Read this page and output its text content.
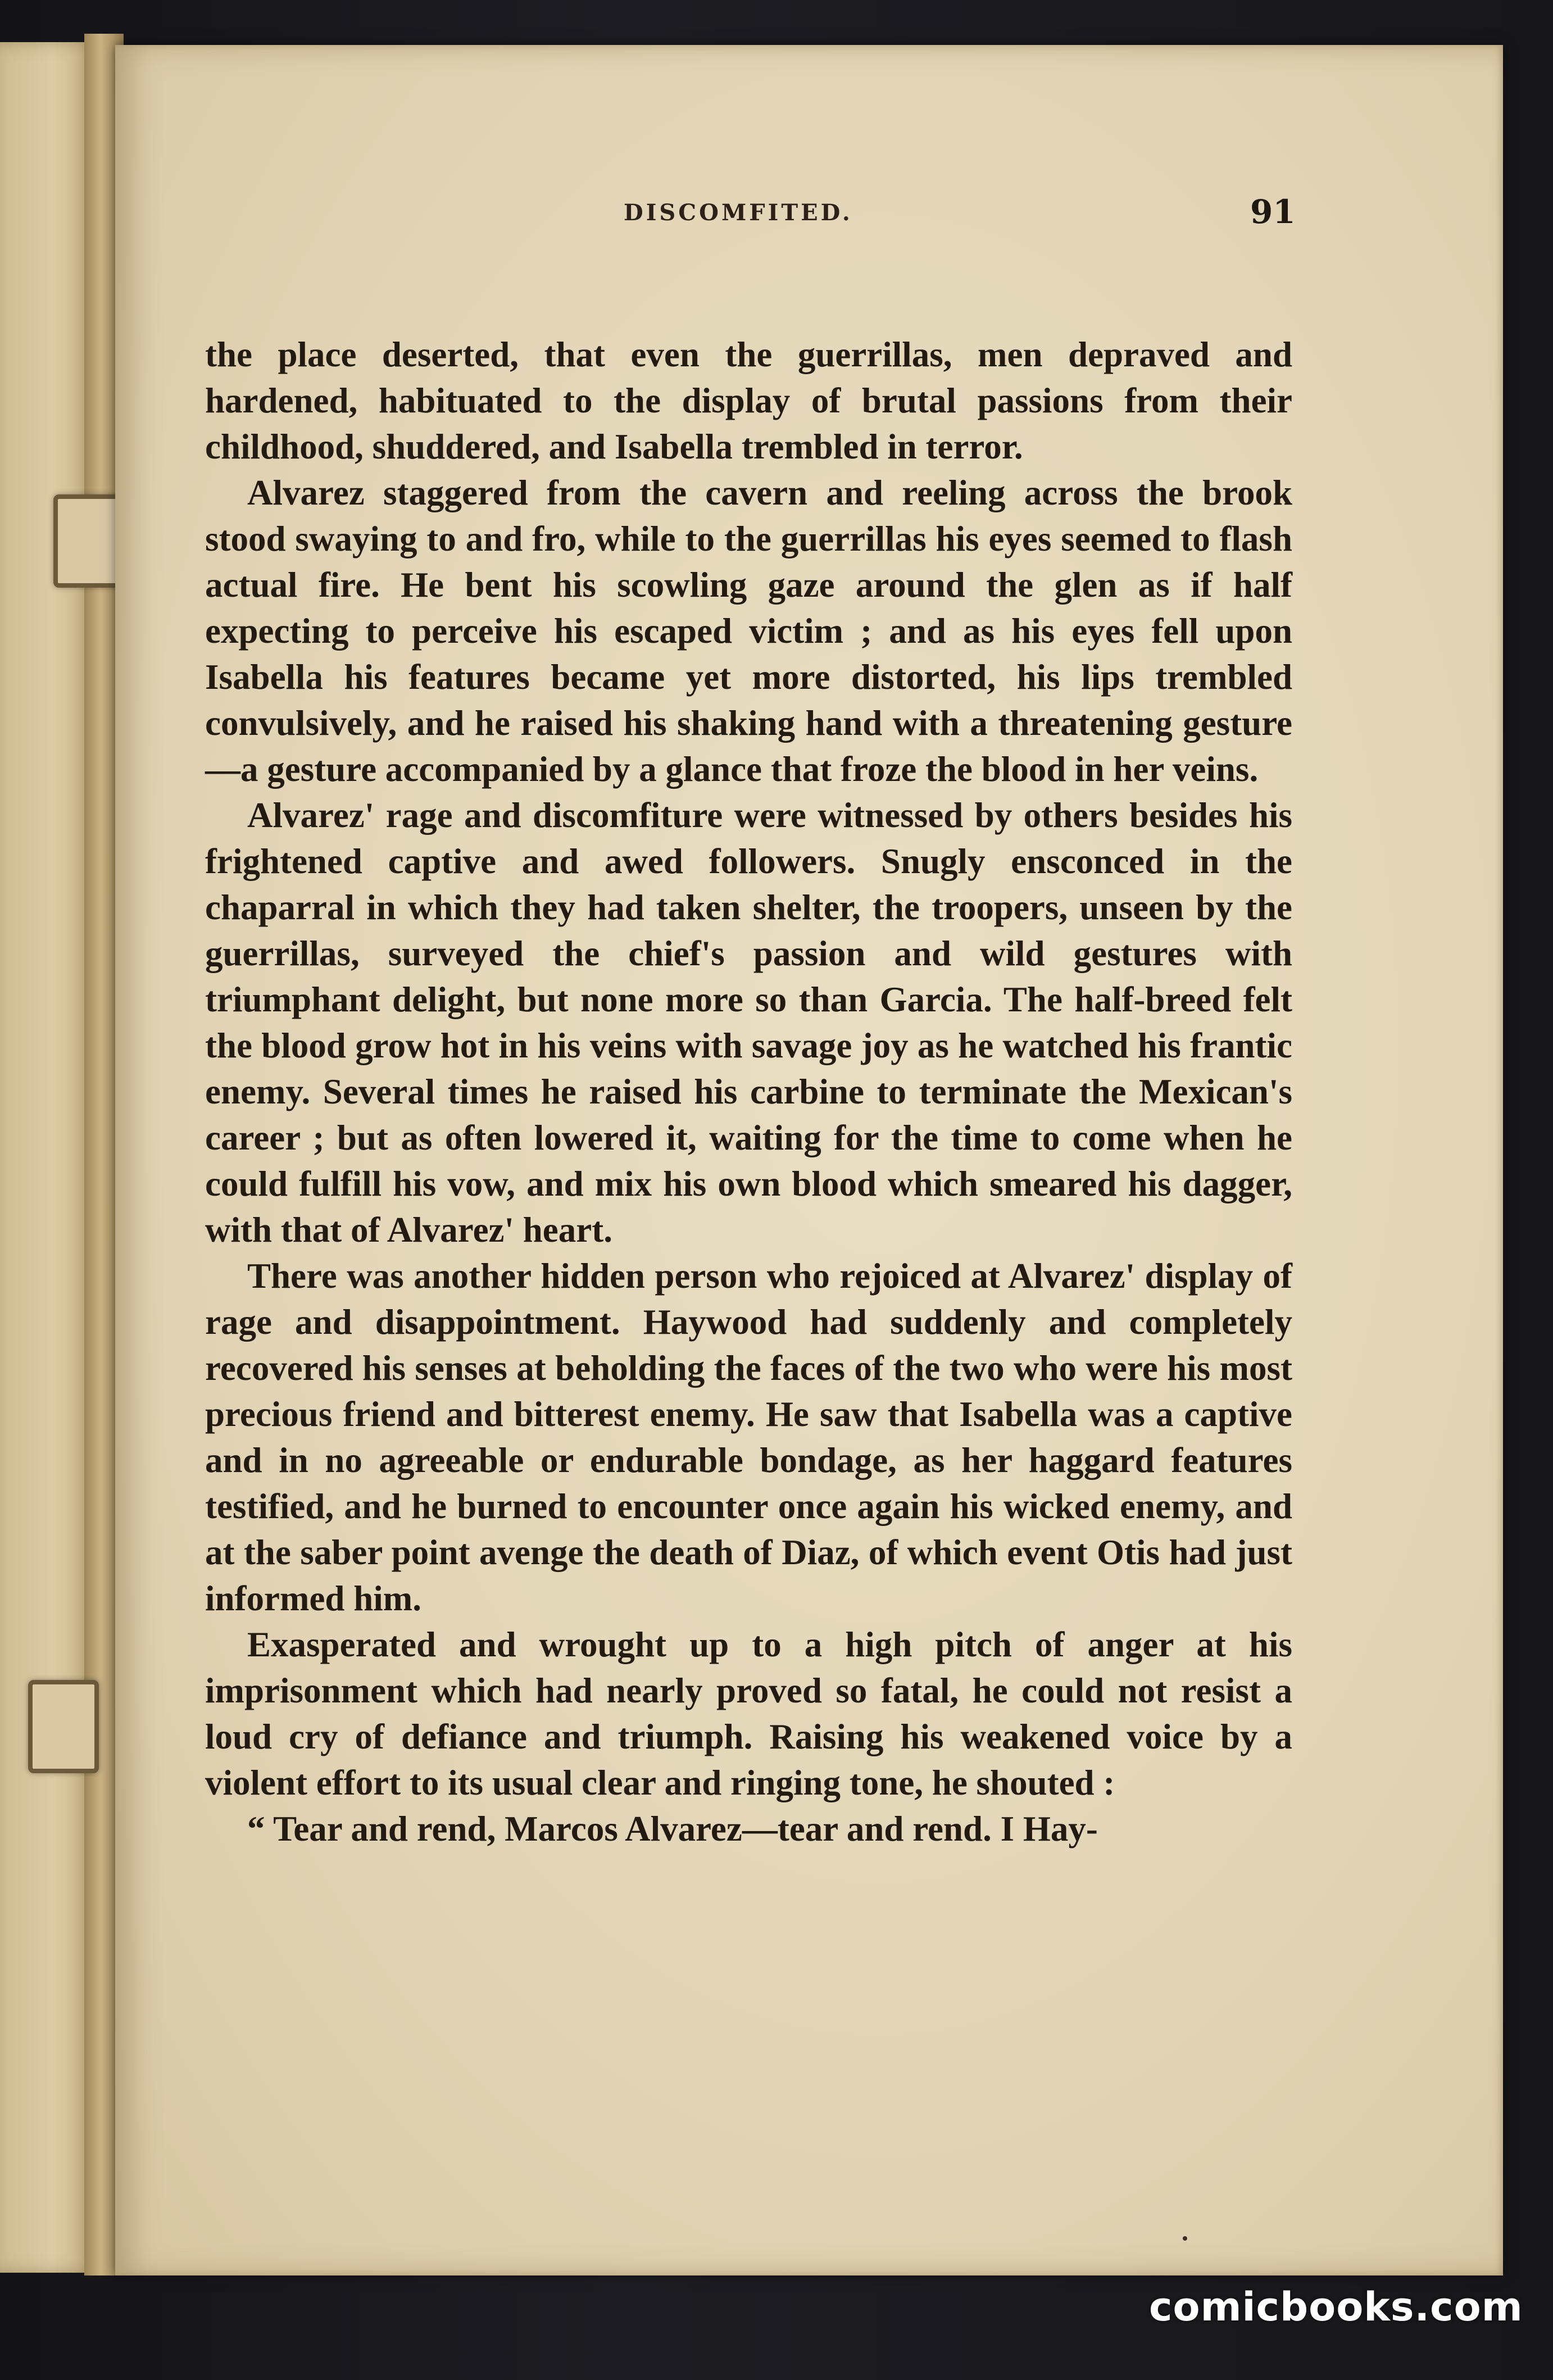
DISCOMFITED.	91

the place deserted, that even the guerrillas, men depraved and hardened, habituated to the display of brutal passions from their childhood, shuddered, and Isabella trembled in terror.

Alvarez staggered from the cavern and reeling across the brook stood swaying to and fro, while to the guerrillas his eyes seemed to flash actual fire. He bent his scowling gaze around the glen as if half expecting to perceive his escaped victim ; and as his eyes fell upon Isabella his features became yet more distorted, his lips trembled convulsively, and he raised his shaking hand with a threatening gesture—a gesture accompanied by a glance that froze the blood in her veins.

Alvarez' rage and discomfiture were witnessed by others besides his frightened captive and awed followers. Snugly ensconced in the chaparral in which they had taken shelter, the troopers, unseen by the guerrillas, surveyed the chief's passion and wild gestures with triumphant delight, but none more so than Garcia. The half-breed felt the blood grow hot in his veins with savage joy as he watched his frantic enemy. Several times he raised his carbine to terminate the Mexican's career ; but as often lowered it, waiting for the time to come when he could fulfill his vow, and mix his own blood which smeared his dagger, with that of Alvarez' heart.

There was another hidden person who rejoiced at Alvarez' display of rage and disappointment. Haywood had suddenly and completely recovered his senses at beholding the faces of the two who were his most precious friend and bitterest enemy. He saw that Isabella was a captive and in no agreeable or endurable bondage, as her haggard features testified, and he burned to encounter once again his wicked enemy, and at the saber point avenge the death of Diaz, of which event Otis had just informed him.

Exasperated and wrought up to a high pitch of anger at his imprisonment which had nearly proved so fatal, he could not resist a loud cry of defiance and triumph. Raising his weakened voice by a violent effort to its usual clear and ringing tone, he shouted :

“ Tear and rend, Marcos Alvarez—tear and rend. I Hay-

comicbooks.com
